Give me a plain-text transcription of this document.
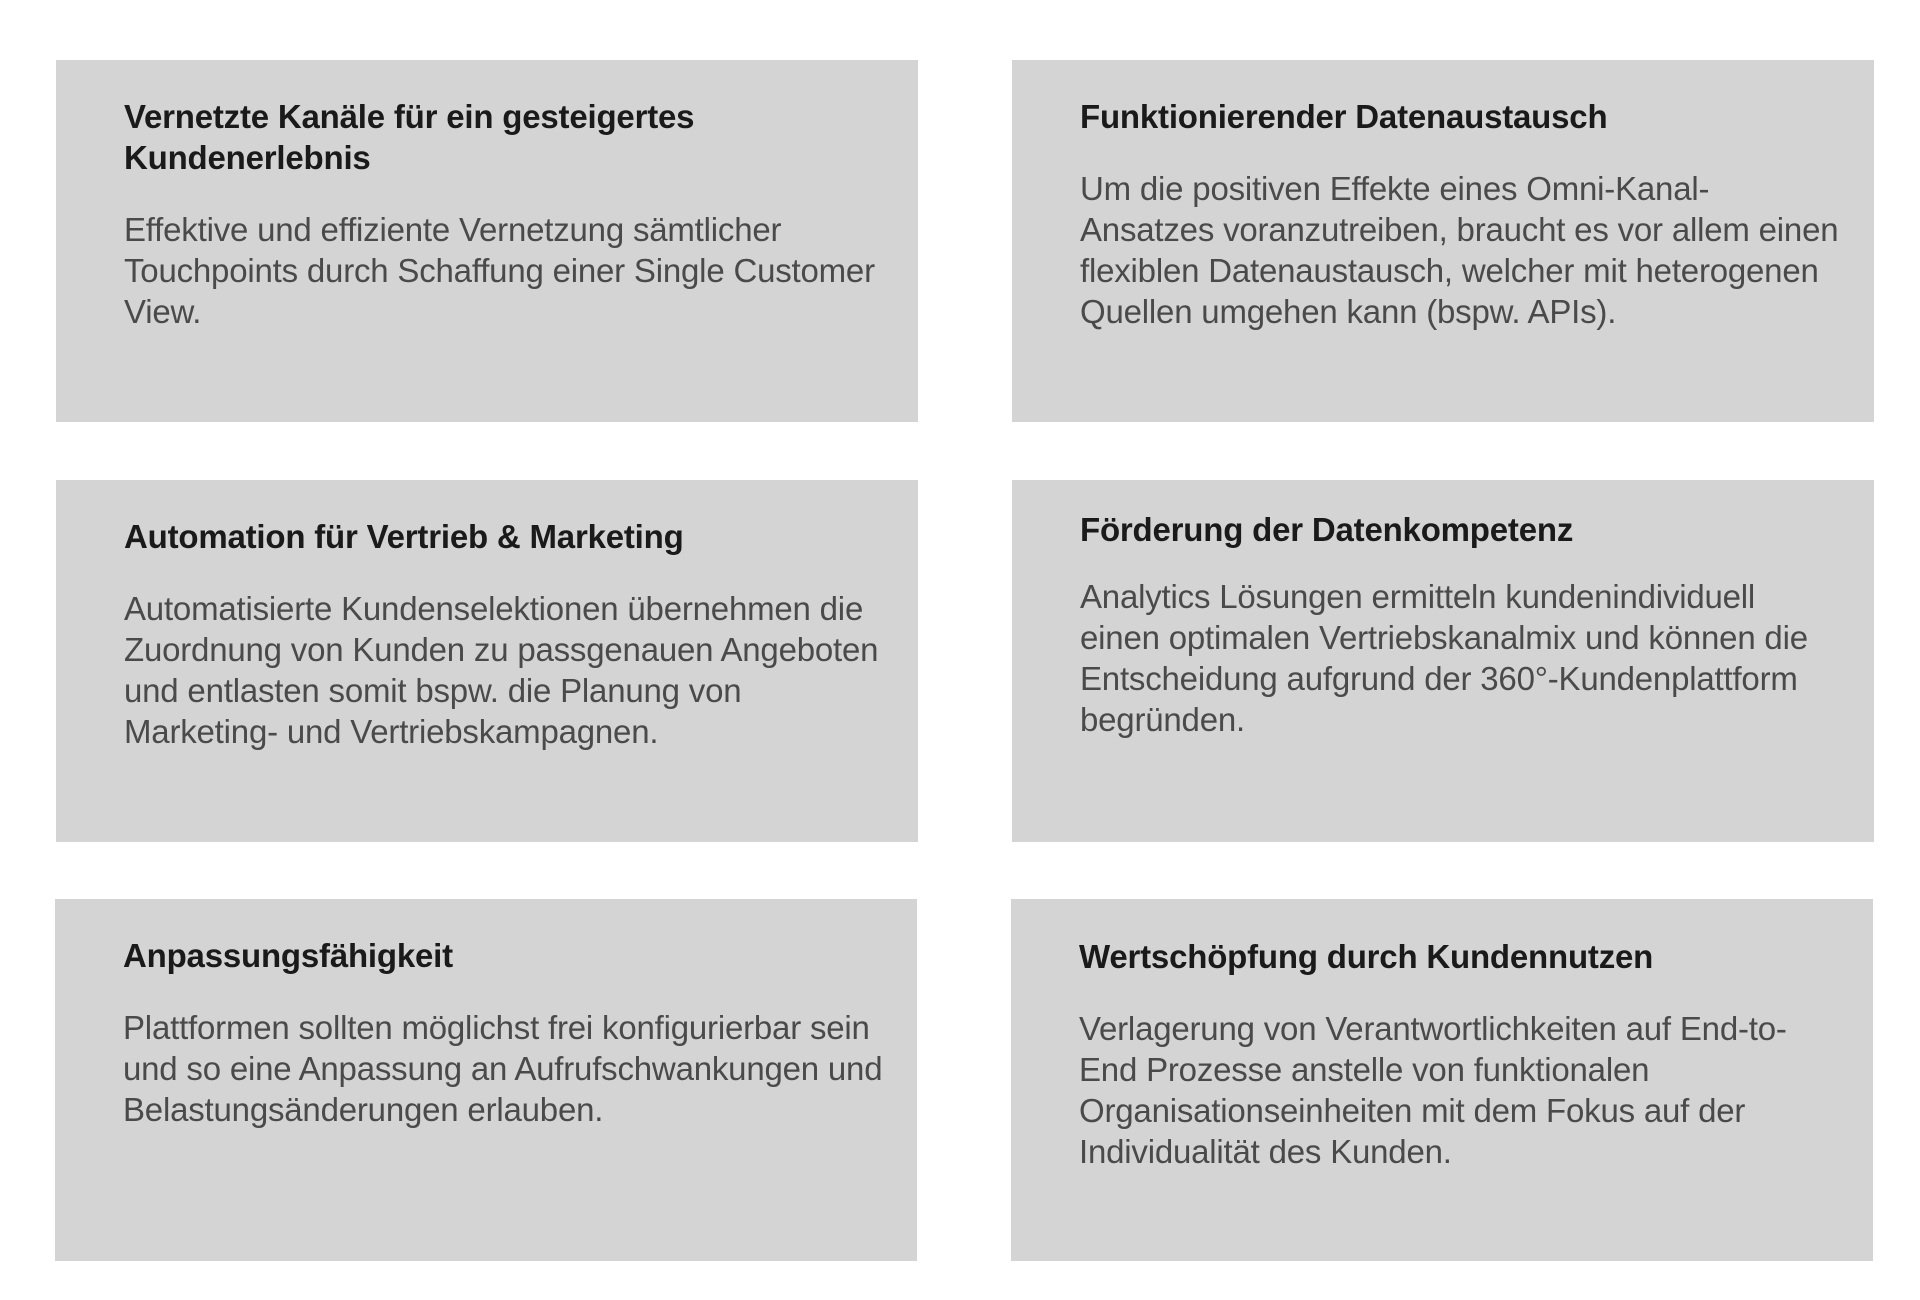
Vernetzte Kanäle für ein gesteigertes Kundenerlebnis

Effektive und effiziente Vernetzung sämtlicher Touchpoints durch Schaffung einer Single Customer View.

Funktionierender Datenaustausch

Um die positiven Effekte eines Omni-Kanal-Ansatzes voranzutreiben, braucht es vor allem einen flexiblen Datenaustausch, welcher mit heterogenen Quellen umgehen kann (bspw. APIs).

Automation für Vertrieb & Marketing

Automatisierte Kundenselektionen übernehmen die Zuordnung von Kunden zu passgenauen Angeboten und entlasten somit bspw. die Planung von Marketing- und Vertriebskampagnen.

Förderung der Datenkompetenz

Analytics Lösungen ermitteln kundenindividuell einen optimalen Vertriebskanalmix und können die Entscheidung aufgrund der 360°-Kundenplattform begründen.

Anpassungsfähigkeit

Plattformen sollten möglichst frei konfigurierbar sein und so eine Anpassung an Aufrufschwankungen und Belastungsänderungen erlauben.

Wertschöpfung durch Kundennutzen

Verlagerung von Verantwortlichkeiten auf End-to-End Prozesse anstelle von funktionalen Organisationseinheiten mit dem Fokus auf der Individualität des Kunden.
